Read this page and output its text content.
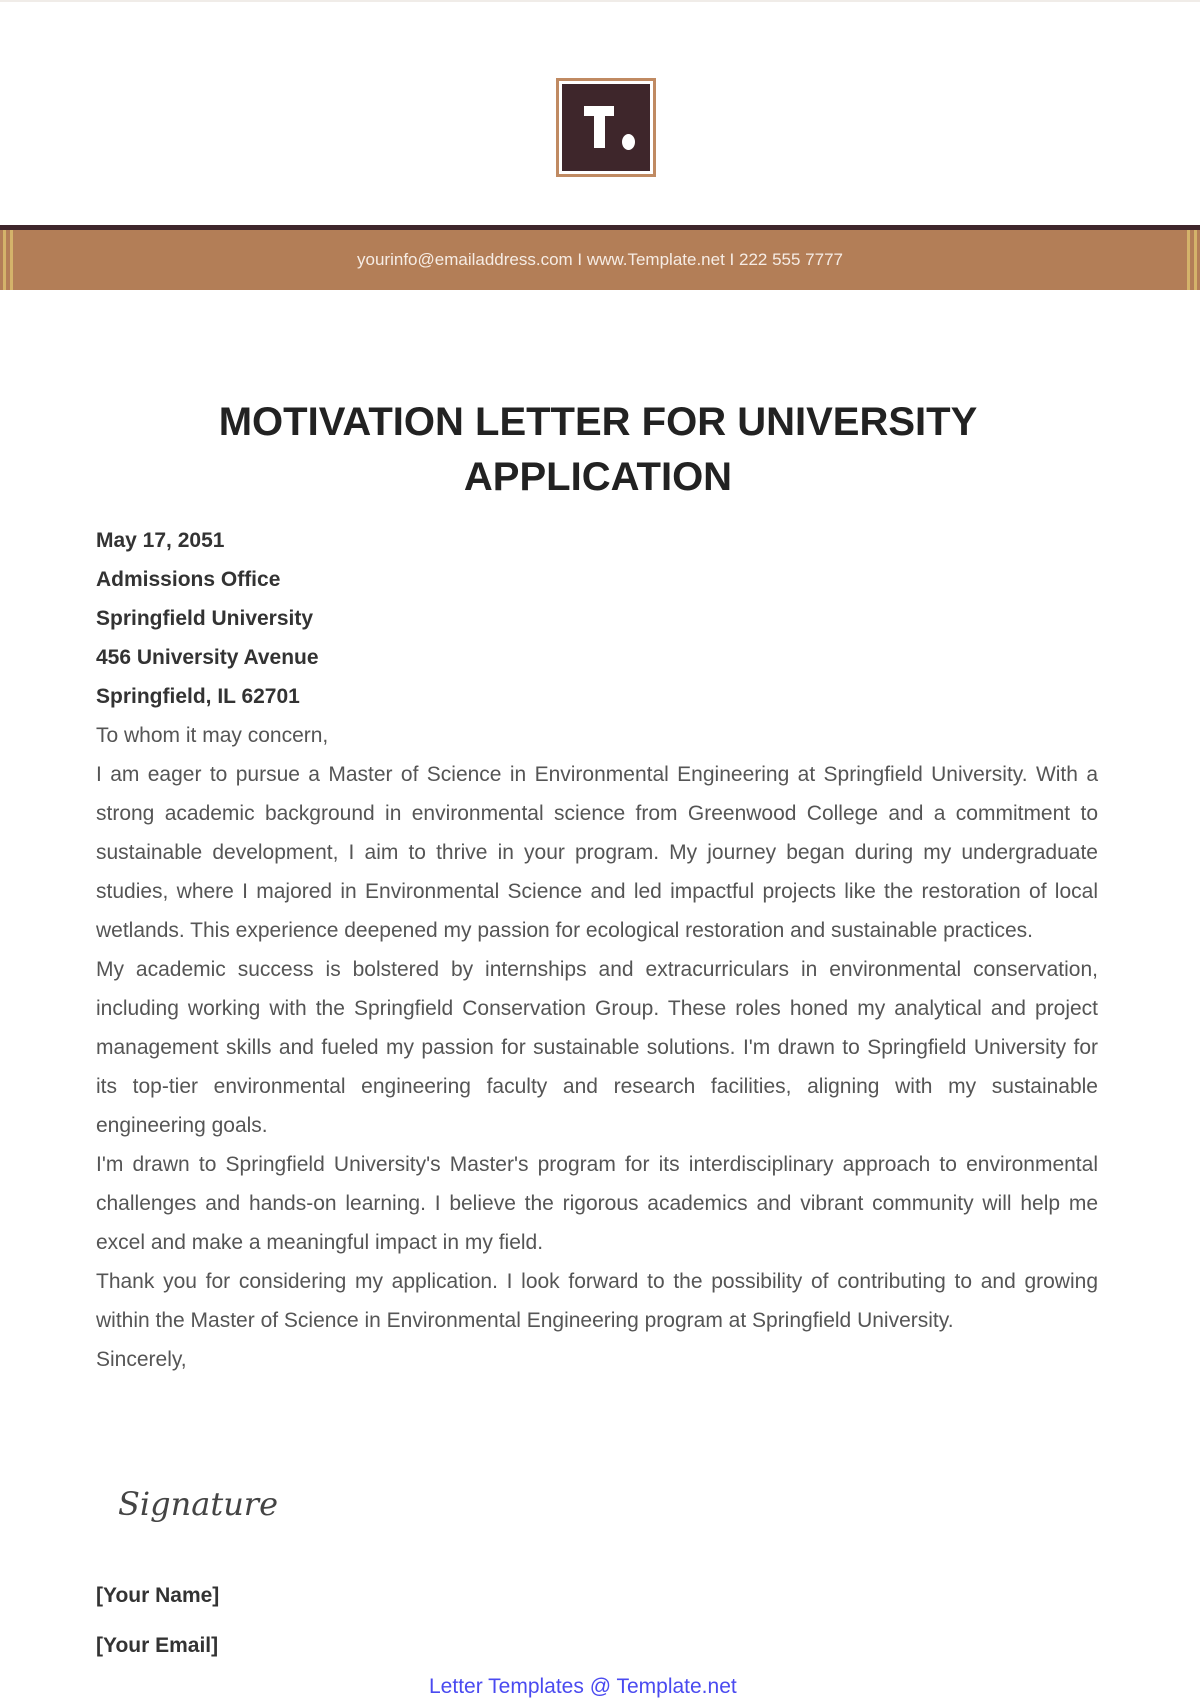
yourinfo@emailaddress.com I www.Template.net I 222 555 7777
MOTIVATION LETTER FOR UNIVERSITY APPLICATION
May 17, 2051
Admissions Office
Springfield University
456 University Avenue
Springfield, IL 62701

To whom it may concern,

I am eager to pursue a Master of Science in Environmental Engineering at Springfield University. With a strong academic background in environmental science from Greenwood College and a commitment to sustainable development, I aim to thrive in your program. My journey began during my undergraduate studies, where I majored in Environmental Science and led impactful projects like the restoration of local wetlands. This experience deepened my passion for ecological restoration and sustainable practices.

My academic success is bolstered by internships and extracurriculars in environmental conservation, including working with the Springfield Conservation Group. These roles honed my analytical and project management skills and fueled my passion for sustainable solutions. I'm drawn to Springfield University for its top-tier environmental engineering faculty and research facilities, aligning with my sustainable engineering goals.

I'm drawn to Springfield University's Master's program for its interdisciplinary approach to environmental challenges and hands-on learning. I believe the rigorous academics and vibrant community will help me excel and make a meaningful impact in my field.

Thank you for considering my application. I look forward to the possibility of contributing to and growing within the Master of Science in Environmental Engineering program at Springfield University.

Sincerely,

Signature
[Your Name]
[Your Email]
Letter Templates @ Template.net
